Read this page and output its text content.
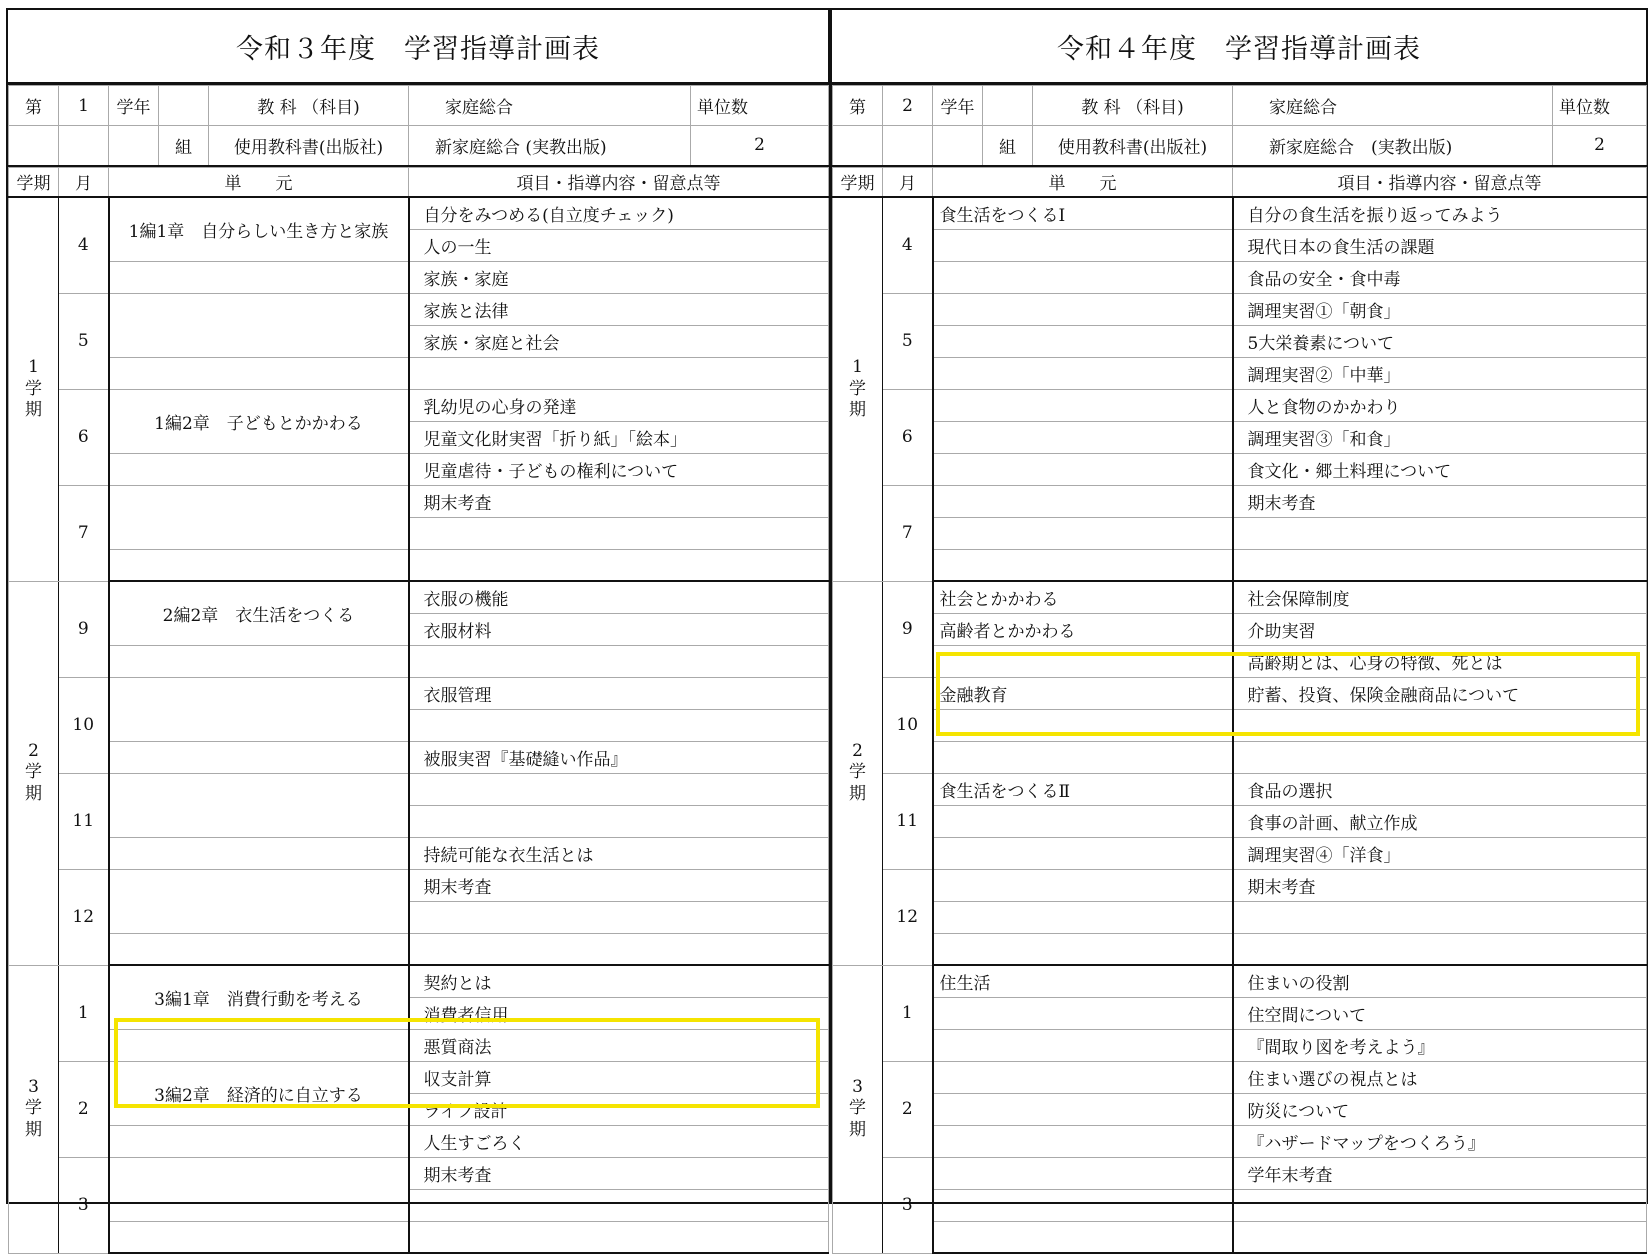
令和３年度　学習指導計画表
第	1	学年		教 科 （科目)	家庭総合	単位数
			組	使用教科書(出版社)	新家庭総合 (実教出版)	2
学期	月	単　　元	項目・指導内容・留意点等
1
学
期	4	1編1章　自分らしい生き方と家族	自分をみつめる(自立度チェック)
			人の一生
			家族・家庭
	5		家族と法律
			家族・家庭と社会

	6	1編2章　子どもとかかわる	乳幼児の心身の発達
			児童文化財実習「折り紙」「絵本」
			児童虐待・子どもの権利について
	7		期末考査

2
学
期	9	2編2章　衣生活をつくる	衣服の機能
			衣服材料

	10		衣服管理

			被服実習『基礎縫い作品』
	11		

			持続可能な衣生活とは
	12		期末考査

3
学
期	1	3編1章　消費行動を考える	契約とは
			消費者信用
			悪質商法
	2	3編2章　経済的に自立する	収支計算
			ライフ設計
			人生すごろく
	3		期末考査

令和４年度　学習指導計画表
第	2	学年		教 科 （科目)	家庭総合	単位数
			組	使用教科書(出版社)	新家庭総合　(実教出版)	2
学期	月	単　　元	項目・指導内容・留意点等
1
学
期	4	食生活をつくるⅠ	自分の食生活を振り返ってみよう
			現代日本の食生活の課題
			食品の安全・食中毒
	5		調理実習①「朝食」
			5大栄養素について
			調理実習②「中華」
	6		人と食物のかかわり
			調理実習③「和食」
			食文化・郷土料理について
	7		期末考査

2
学
期	9	社会とかかわる	社会保障制度
		高齢者とかかわる	介助実習
			高齢期とは、心身の特徴、死とは
	10	金融教育	貯蓄、投資、保険金融商品について

	11	食生活をつくるⅡ	食品の選択
			食事の計画、献立作成
			調理実習④「洋食」
	12		期末考査

3
学
期	1	住生活	住まいの役割
			住空間について
			『間取り図を考えよう』
	2		住まい選びの視点とは
			防災について
			『ハザードマップをつくろう』
	3		学年末考査
